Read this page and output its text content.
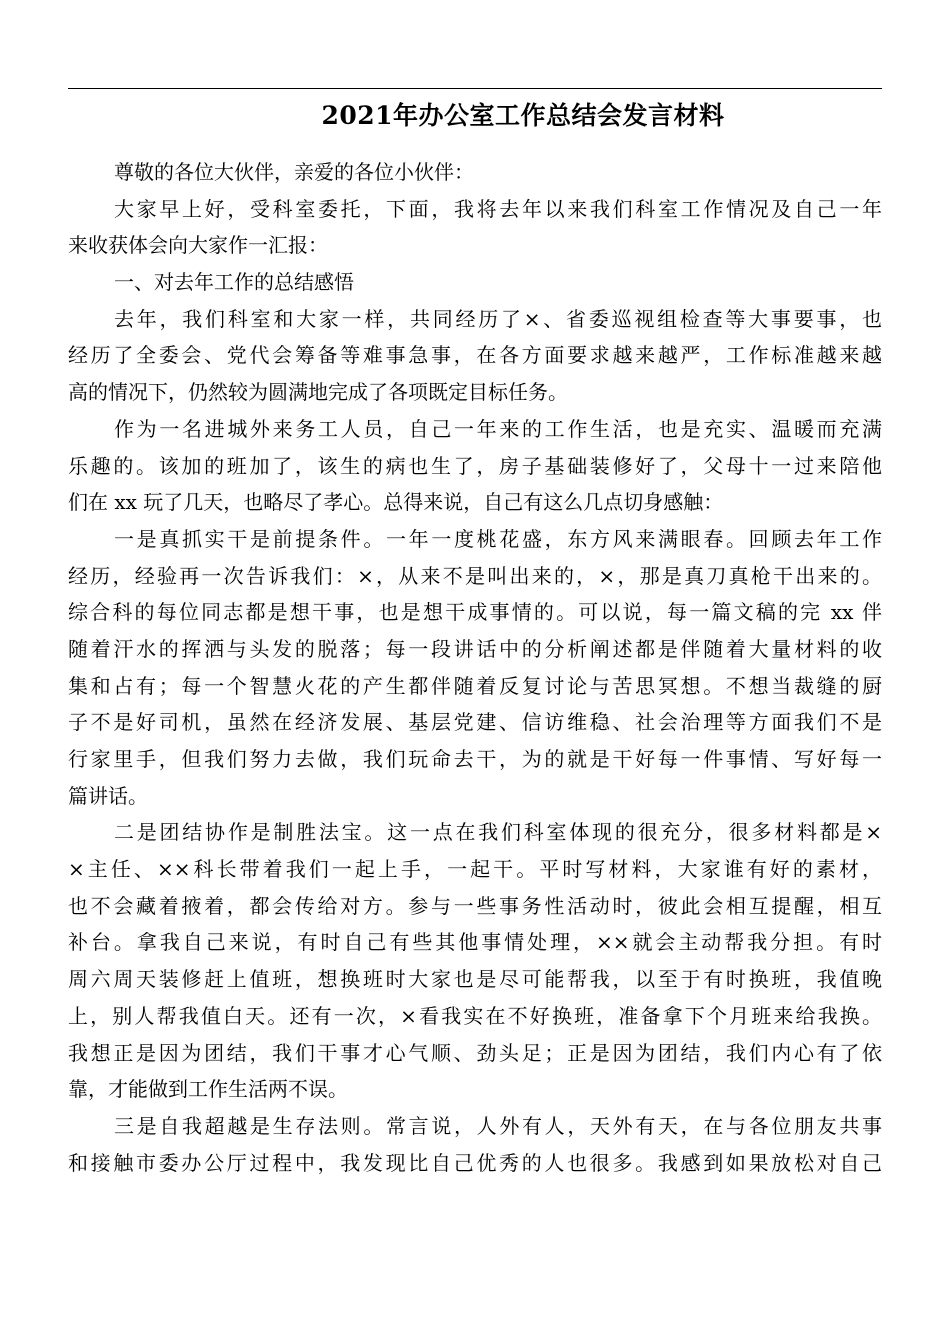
2021年办公室工作总结会发言材料
尊敬的各位大伙伴，亲爱的各位小伙伴：
大家早上好，受科室委托，下面，我将去年以来我们科室工作情况及自己一年
来收获体会向大家作一汇报：
一、对去年工作的总结感悟
去年，我们科室和大家一样，共同经历了×、省委巡视组检查等大事要事，也
经历了全委会、党代会筹备等难事急事，在各方面要求越来越严，工作标准越来越
高的情况下，仍然较为圆满地完成了各项既定目标任务。
作为一名进城外来务工人员，自己一年来的工作生活，也是充实、温暖而充满
乐趣的。该加的班加了，该生的病也生了，房子基础装修好了，父母十一过来陪他
们在 xx 玩了几天，也略尽了孝心。总得来说，自己有这么几点切身感触：
一是真抓实干是前提条件。一年一度桃花盛，东方风来满眼春。回顾去年工作
经历，经验再一次告诉我们：×，从来不是叫出来的，×，那是真刀真枪干出来的。
综合科的每位同志都是想干事，也是想干成事情的。可以说，每一篇文稿的完 xx 伴
随着汗水的挥洒与头发的脱落；每一段讲话中的分析阐述都是伴随着大量材料的收
集和占有；每一个智慧火花的产生都伴随着反复讨论与苦思冥想。不想当裁缝的厨
子不是好司机，虽然在经济发展、基层党建、信访维稳、社会治理等方面我们不是
行家里手，但我们努力去做，我们玩命去干，为的就是干好每一件事情、写好每一
篇讲话。
二是团结协作是制胜法宝。这一点在我们科室体现的很充分，很多材料都是×
×主任、××科长带着我们一起上手，一起干。平时写材料，大家谁有好的素材，
也不会藏着掖着，都会传给对方。参与一些事务性活动时，彼此会相互提醒，相互
补台。拿我自己来说，有时自己有些其他事情处理，××就会主动帮我分担。有时
周六周天装修赶上值班，想换班时大家也是尽可能帮我，以至于有时换班，我值晚
上，别人帮我值白天。还有一次，×看我实在不好换班，准备拿下个月班来给我换。
我想正是因为团结，我们干事才心气顺、劲头足；正是因为团结，我们内心有了依
靠，才能做到工作生活两不误。
三是自我超越是生存法则。常言说，人外有人，天外有天，在与各位朋友共事
和接触市委办公厅过程中，我发现比自己优秀的人也很多。我感到如果放松对自己
